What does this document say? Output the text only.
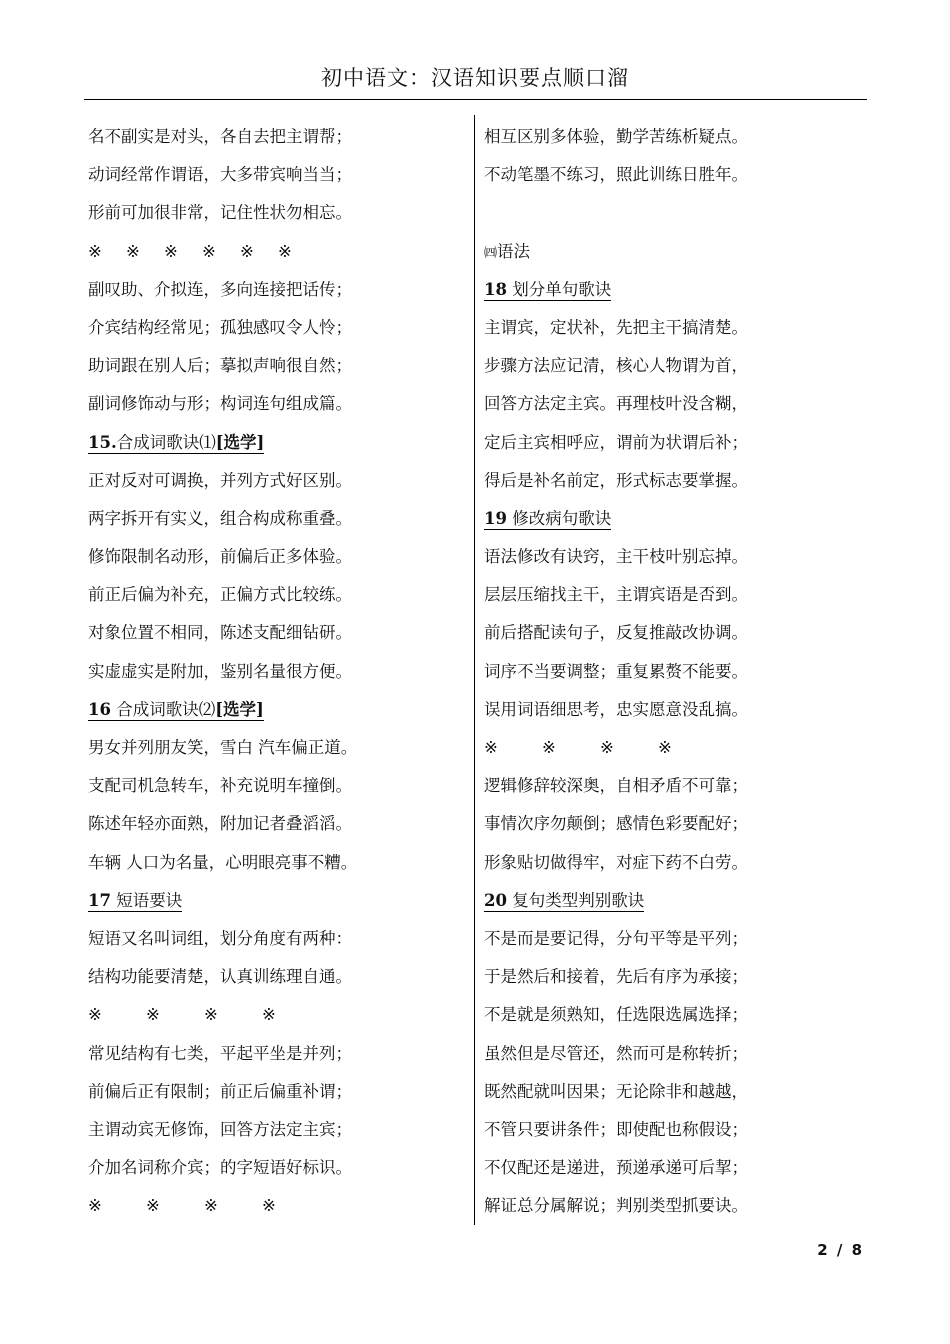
初中语文：汉语知识要点顺口溜
名不副实是对头，各自去把主谓帮；
动词经常作谓语，大多带宾响当当；
形前可加很非常，记住性状勿相忘。
※ ※ ※ ※ ※ ※
副叹助、介拟连，多向连接把话传；
介宾结构经常见；孤独感叹令人怜；
助词跟在别人后；摹拟声响很自然；
副词修饰动与形；构词连句组成篇。
15.合成词歌诀⑴[选学]
正对反对可调换，并列方式好区别。
两字拆开有实义，组合构成称重叠。
修饰限制名动形，前偏后正多体验。
前正后偏为补充，正偏方式比较练。
对象位置不相同，陈述支配细钻研。
实虚虚实是附加，鉴别名量很方便。
16 合成词歌诀⑵[选学]
男女并列朋友笑，雪白 汽车偏正道。
支配司机急转车，补充说明车撞倒。
陈述年轻亦面熟，附加记者叠滔滔。
车辆 人口为名量，心明眼亮事不糟。
17 短语要诀
短语又名叫词组，划分角度有两种：
结构功能要清楚，认真训练理自通。
※	※	※	※
常见结构有七类，平起平坐是并列；
前偏后正有限制；前正后偏重补谓；
主谓动宾无修饰，回答方法定主宾；
介加名词称介宾；的字短语好标识。
※	※	※	※
相互区别多体验，勤学苦练析疑点。
不动笔墨不练习，照此训练日胜年。
㈣语法
18 划分单句歌诀
主谓宾，定状补，先把主干搞清楚。
步骤方法应记清，核心人物谓为首，
回答方法定主宾。再理枝叶没含糊，
定后主宾相呼应，谓前为状谓后补；
得后是补名前定，形式标志要掌握。
19 修改病句歌诀
语法修改有诀窍，主干枝叶别忘掉。
层层压缩找主干，主谓宾语是否到。
前后搭配读句子，反复推敲改协调。
词序不当要调整；重复累赘不能要。
误用词语细思考，忠实愿意没乱搞。
※	※	※	※
逻辑修辞较深奥，自相矛盾不可靠；
事情次序勿颠倒；感情色彩要配好；
形象贴切做得牢，对症下药不白劳。
20 复句类型判别歌诀
不是而是要记得，分句平等是平列；
于是然后和接着，先后有序为承接；
不是就是须熟知，任选限选属选择；
虽然但是尽管还，然而可是称转折；
既然配就叫因果；无论除非和越越，
不管只要讲条件；即使配也称假设；
不仅配还是递进，预递承递可后挈；
解证总分属解说；判别类型抓要诀。
2 / 8
